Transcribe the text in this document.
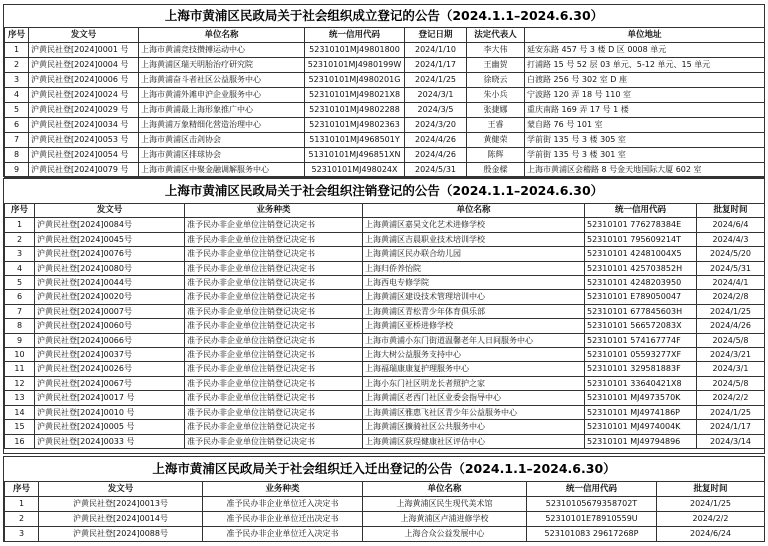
上海市黄浦区民政局关于社会组织成立登记的公告（2024.1.1–2024.6.30）
序号	发文号	单位名称	统一信用代码	登记日期	法定代表人	单位地址
1	沪黄民社登[2024]0001 号	上海市黄浦竞技攒搏运动中心	52310101MJ49801800	2024/1/10	李大伟	延安东路 457 号 3 楼 D 区 0008 单元
2	沪黄民社登[2024]0004 号	上海黄浦区瑞天明胎治疗研究院	52310101MJ4980199W	2024/1/17	王幽贺	打浦路 15 号 52 层 03 单元、5-12 单元、15 单元
3	沪黄民社登[2024]0006 号	上海黄浦奋斗者社区公益服务中心	52310101MJ4980201G	2024/1/25	徐晓云	白渡路 256 号 302 室 D 座
4	沪黄民社登[2024]0024 号	上海市黄浦外滩申沪企业服务中心	52310101MJ498021X8	2024/3/1	朱小兵	宁波路 120 弄 18 号 110 室
5	沪黄民社登[2024]0029 号	上海市黄浦最上海形象推广中心	52310101MJ49802288	2024/3/5	张捷娜	重庆南路 169 弄 17 号 1 楼
6	沪黄民社登[2024]0034 号	上海黄浦万象精细化营造治理中心	52310101MJ49802363	2024/3/20	王睿	蒙自路 76 号 101 室
7	沪黄民社登[2024]0053 号	上海市黄浦区击剑协会	51310101MJ4968501Y	2024/4/26	黄健荣	学前街 135 号 3 楼 305 室
8	沪黄民社登[2024]0054 号	上海市黄浦区排球协会	51310101MJ496851XN	2024/4/26	陈辉	学前街 135 号 3 楼 301 室
9	沪黄民社登[2024]0079 号	上海市黄浦区中聚金融调解服务中心	52310101MJ498024X	2024/5/31	殷金樑	上海市黄浦区会稽路 8 号金天地国际大厦 602 室
上海市黄浦区民政局关于社会组织注销登记的公告（2024.1.1–2024.6.30）
序号	发文号	业务种类	单位名称	统一信用代码	批复时间
1	沪黄民社登[2024]0084号	准予民办非企业单位注销登记决定书	上海黄浦区嘉昊文化艺术进修学校	52310101 776278384E	2024/6/4
2	沪黄民社登[2024]0045号	准予民办非企业单位注销登记决定书	上海黄浦区吉晨职业技术培训学校	52310101 795609214T	2024/4/3
3	沪黄民社登[2024]0076号	准予民办非企业单位注销登记决定书	上海黄浦区民办联合幼儿园	52310101 42481004X5	2024/5/20
4	沪黄民社登[2024]0080号	准予民办非企业单位注销登记决定书	上海归侨养怡院	52310101 425703852H	2024/5/31
5	沪黄民社登[2024]0044号	准予民办非企业单位注销登记决定书	上海西电专修学院	52310101 4248203950	2024/4/1
6	沪黄民社登[2024]0020号	准予民办非企业单位注销登记决定书	上海黄浦区建设技术管理培训中心	52310101 E789050047	2024/2/8
7	沪黄民社登[2024]0007号	准予民办非企业单位注销登记决定书	上海黄浦区青松青少年体育俱乐部	52310101 677845603H	2024/1/25
8	沪黄民社登[2024]0060号	准予民办非企业单位注销登记决定书	上海黄浦区亚桥进修学校	52310101 566572083X	2024/4/26
9	沪黄民社登[2024]0066号	准予民办非企业单位注销登记决定书	上海市黄浦小东门街道温馨老年人日间服务中心	52310101 574167774F	2024/5/8
10	沪黄民社登[2024]0037号	准予民办非企业单位注销登记决定书	上海大树公益服务支持中心	52310101 05593277XF	2024/3/21
11	沪黄民社登[2024]0026号	准予民办非企业单位注销登记决定书	上海福瑞康康复护理服务中心	52310101 329581883F	2024/3/1
12	沪黄民社登[2024]0067号	准予民办非企业单位注销登记决定书	上海小东门社区明龙长者照护之家	52310101 33640421X8	2024/5/8
13	沪黄民社登[2024]0017 号	准予民办非企业单位注销登记决定书	上海黄浦区老西门社区业委会指导中心	52310101 MJ4973570K	2024/2/2
14	沪黄民社登[2024]0010 号	准予民办非企业单位注销登记决定书	上海黄浦区雅惠飞社区青少年公益服务中心	52310101 MJ4974186P	2024/1/25
15	沪黄民社登[2024]0005 号	准予民办非企业单位注销登记决定书	上海黄浦区擴骑社区公共服务中心	52310101 MJ4974004K	2024/1/17
16	沪黄民社登[2024]0033 号	准予民办非企业单位注销登记决定书	上海黄浦区荻珵健康社区评估中心	52310101 MJ49794896	2024/3/14
上海市黄浦区民政局关于社会组织迁入迁出登记的公告（2024.1.1–2024.6.30）
序号	发文号	业务种类	单位名称	统一信用代码	批复时间
1	沪黄民社登[2024]0013号	准予民办非企业单位迁入决定书	上海黄浦区民生现代美术馆	5231010567935870​2T	2024/1/25
2	沪黄民社登[2024]0014号	准予民办非企业单位迁出决定书	上海黄浦区卢浦进修学校	52310101E78910559U	2024/2/2
3	沪黄民社登[2024]0088号	准予民办非企业单位迁入决定书	上海合众公益发展中心	523101083 29617268P	2024/6/24
